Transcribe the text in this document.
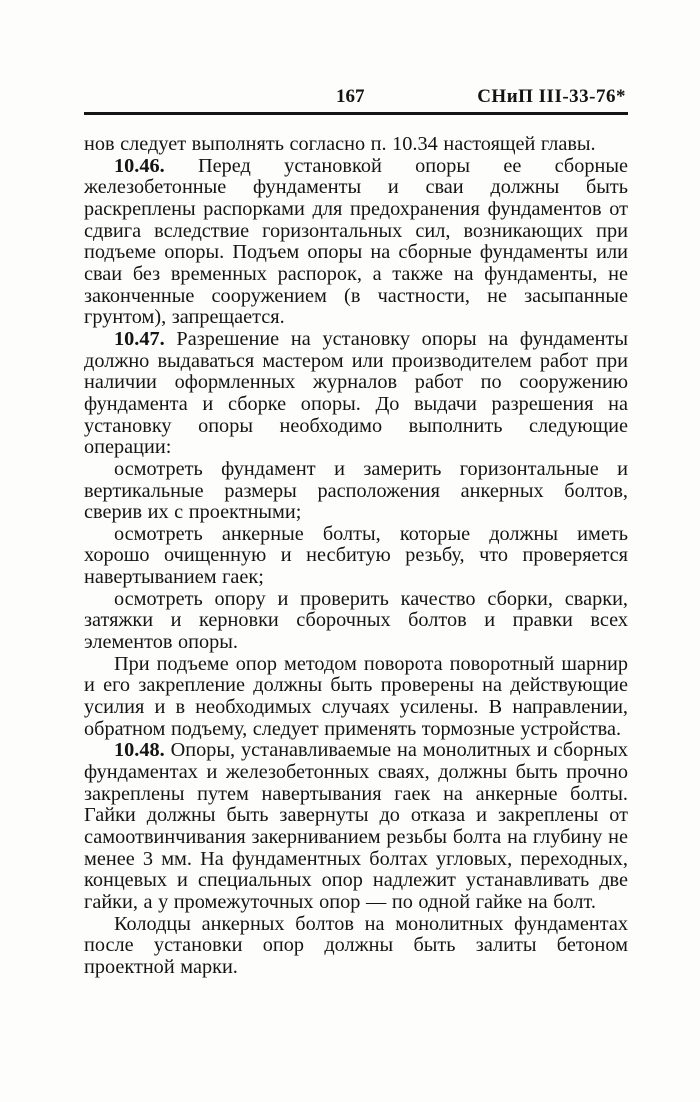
167	СНиП III-33-76*

нов следует выполнять согласно п. 10.34 настоящей главы.

10.46. Перед установкой опоры ее сборные железобетонные фундаменты и сваи должны быть раскреплены распорками для предохранения фундаментов от сдвига вследствие горизонтальных сил, возникающих при подъеме опоры. Подъем опоры на сборные фундаменты или сваи без временных распорок, а также на фундаменты, не законченные сооружением (в частности, не засыпанные грунтом), запрещается.

10.47. Разрешение на установку опоры на фундаменты должно выдаваться мастером или производителем работ при наличии оформленных журналов работ по сооружению фундамента и сборке опоры. До выдачи разрешения на установку опоры необходимо выполнить следующие операции:

осмотреть фундамент и замерить горизонтальные и вертикальные размеры расположения анкерных болтов, сверив их с проектными;

осмотреть анкерные болты, которые должны иметь хорошо очищенную и несбитую резьбу, что проверяется навертыванием гаек;

осмотреть опору и проверить качество сборки, сварки, затяжки и керновки сборочных болтов и правки всех элементов опоры.

При подъеме опор методом поворота поворотный шарнир и его закрепление должны быть проверены на действующие усилия и в необходимых случаях усилены. В направлении, обратном подъему, следует применять тормозные устройства.

10.48. Опоры, устанавливаемые на монолитных и сборных фундаментах и железобетонных сваях, должны быть прочно закреплены путем навертывания гаек на анкерные болты. Гайки должны быть завернуты до отказа и закреплены от самоотвинчивания закерниванием резьбы болта на глубину не менее 3 мм. На фундаментных болтах угловых, переходных, концевых и специальных опор надлежит устанавливать две гайки, а у промежуточных опор — по одной гайке на болт.

Колодцы анкерных болтов на монолитных фундаментах после установки опор должны быть залиты бетоном проектной марки.
